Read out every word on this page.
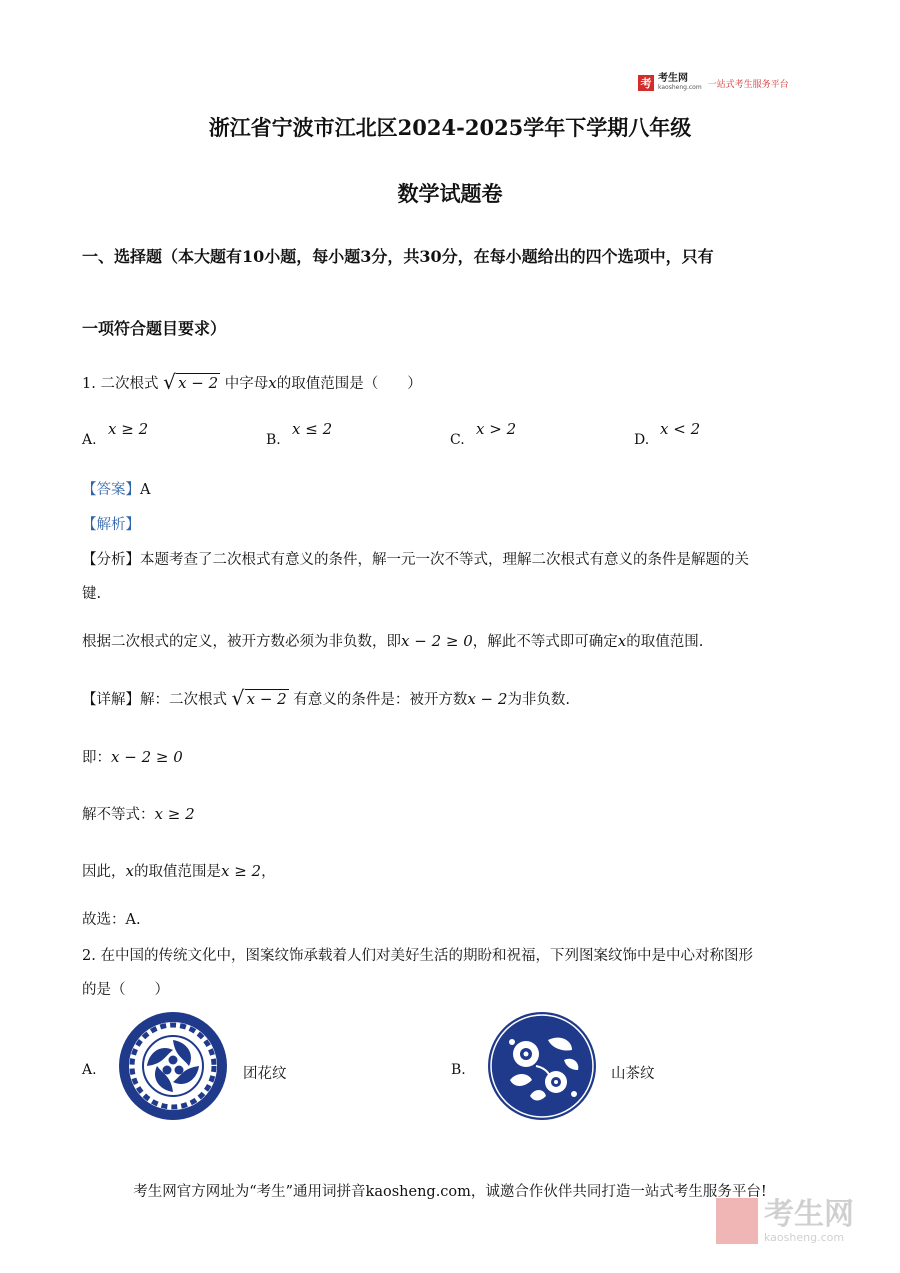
考 考生网
kaosheng.com 一站式考生服务平台
浙江省宁波市江北区2024-2025学年下学期八年级
数学试题卷
一、选择题（本大题有10小题，每小题3分，共30分，在每小题给出的四个选项中，只有
一项符合题目要求）
1. 二次根式 √ x − 2 中字母x的取值范围是（　　）
A.
x ≥ 2
B.
x ≤ 2
C.
x > 2
D.
x < 2
【答案】A
【解析】
【分析】本题考查了二次根式有意义的条件，解一元一次不等式，理解二次根式有意义的条件是解题的关
键.
根据二次根式的定义，被开方数必须为非负数，即x − 2 ≥ 0，解此不等式即可确定x的取值范围.
【详解】解：二次根式 √ x − 2 有意义的条件是：被开方数x − 2为非负数.
即：x − 2 ≥ 0
解不等式：x ≥ 2
因此，x的取值范围是x ≥ 2，
故选：A.
2. 在中国的传统文化中，图案纹饰承载着人们对美好生活的期盼和祝福，下列图案纹饰中是中心对称图形
的是（　　）
A.	团花纹	B.	山茶纹
考生网官方网址为“考生”通用词拼音kaosheng.com，诚邀合作伙伴共同打造一站式考生服务平台!
考生网
kaosheng.com
